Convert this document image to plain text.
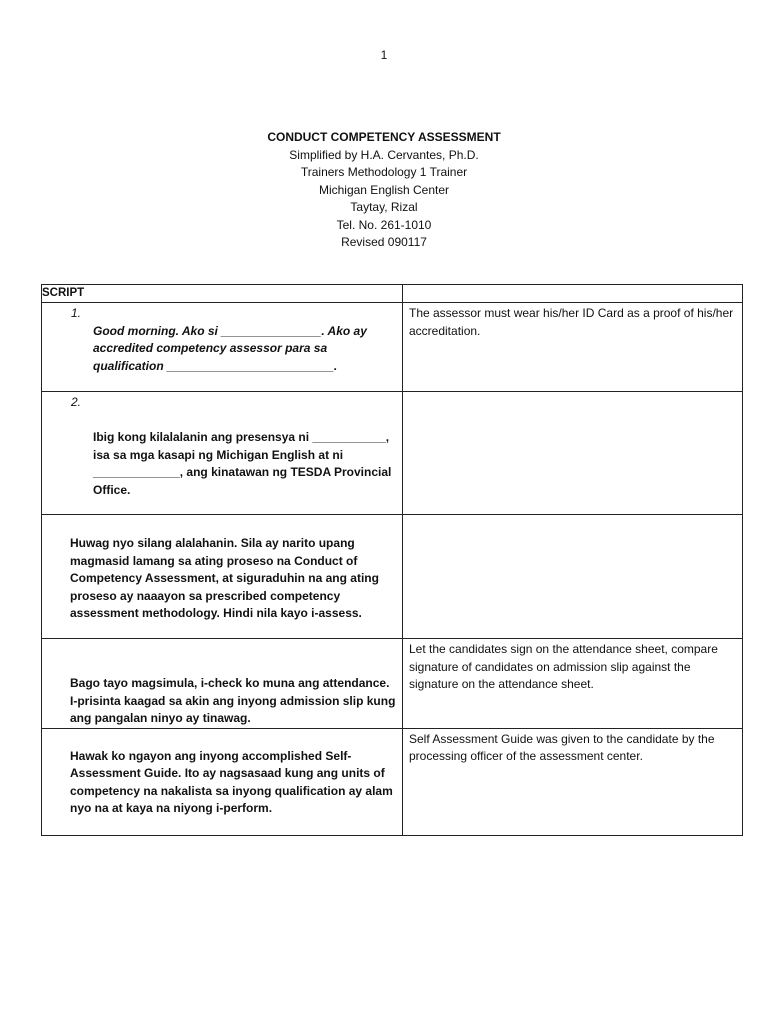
1
CONDUCT COMPETENCY ASSESSMENT
Simplified by H.A. Cervantes, Ph.D.
Trainers Methodology 1 Trainer
Michigan English Center
Taytay, Rizal
Tel. No. 261-1010
Revised 090117
SCRIPT	

1.
Good morning. Ako si _______________. Ako ay accredited competency assessor para sa qualification _________________________.	The assessor must wear his/her ID Card as a proof of his/her accreditation.

2.
Ibig kong kilalalanin ang presensya ni ___________, isa sa mga kasapi ng Michigan English at ni _____________, ang kinatawan ng TESDA Provincial Office.	

Huwag nyo silang alalahanin. Sila ay narito upang magmasid lamang sa ating proseso na Conduct of Competency Assessment, at siguraduhin na ang ating proseso ay naaayon sa prescribed competency assessment methodology. Hindi nila kayo i-assess.	

Bago tayo magsimula, i-check ko muna ang attendance. I-prisinta kaagad sa akin ang inyong admission slip kung ang pangalan ninyo ay tinawag.	Let the candidates sign on the attendance sheet, compare signature of candidates on admission slip against the signature on the attendance sheet.

Hawak ko ngayon ang inyong accomplished Self-Assessment Guide. Ito ay nagsasaad kung ang units of competency na nakalista sa inyong qualification ay alam nyo na at kaya na niyong i-perform.	Self Assessment Guide was given to the candidate by the processing officer of the assessment center.
